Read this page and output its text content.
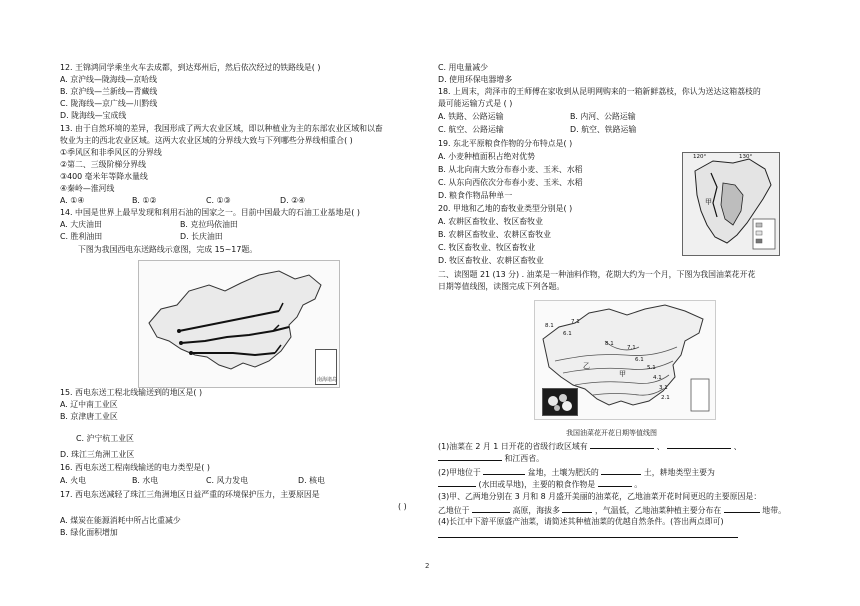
12. 王锦鸿同学乘坐火车去成都，到达郑州后，然后依次经过的铁路线是( )
A. 京沪线—陇海线—京哈线
B. 京沪线—兰新线—青藏线
C. 陇海线—京广线—川黔线
D. 陇海线—宝成线
13. 由于自然环境的差异，我国形成了两大农业区域，即以种植业为主的东部农业区域和以畜
牧业为主的西北农业区域。这两大农业区域的分界线大致与下列哪些分界线相重合( )
①季风区和非季风区的分界线
②第二、三级阶梯分界线
③400 毫米年等降水量线
④秦岭—淮河线
A. ①④	B. ①②	C. ①③	D. ②④
14. 中国是世界上最早发现和利用石油的国家之一。目前中国最大的石油工业基地是( )
A. 大庆油田	B. 克拉玛依油田
C. 胜利油田	D. 长庆油田
下图为我国西电东送路线示意图，完成 15~17题。
南海诸岛
15. 西电东送工程北线输送到的地区是( )
A. 辽中南工业区
B. 京津唐工业区
C. 沪宁杭工业区
D. 珠江三角洲工业区
16. 西电东送工程南线输送的电力类型是( )
A. 火电	B. 水电	C. 风力发电	D. 核电
17. 西电东送减轻了珠江三角洲地区日益严重的环境保护压力，主要原因是
( )
A. 煤炭在能源消耗中所占比重减少
B. 绿化面积增加
C. 用电量减少
D. 使用环保电器增多
18. 上周末，菏泽市的王师傅在家收到从昆明网购来的一箱新鲜荔枝，你认为送达这箱荔枝的
最可能运输方式是 ( )
A. 铁路、公路运输	B. 内河、公路运输
C. 航空、公路运输	D. 航空、铁路运输
19. 东北平原粮食作物的分布特点是( )
A. 小麦种植面积占绝对优势
B. 从北向南大致分布春小麦、玉米、水稻
C. 从东向西依次分布春小麦、玉米、水稻
D. 粮食作物品种单一
20. 甲地和乙地的畜牧业类型分别是( )
A. 农耕区畜牧业、牧区畜牧业
B. 农耕区畜牧业、农耕区畜牧业
C. 牧区畜牧业、牧区畜牧业
D. 牧区畜牧业、农耕区畜牧业
120°	130°
甲
二、读图题 21 (13 分) . 油菜是一种油料作物，花期大约为一个月，下图为我国油菜花开花
日期等值线图，读图完成下列各题。
8.1
7.1
6.1
8.1
7.1
6.1
5.1
4.1
3.1
2.1
甲
乙
我国油菜花开花日期等值线图
(1)油菜在 2 月 1 日开花的省级行政区域有	、	、
和江西省。
(2)甲地位于	盆地，土壤为肥沃的	土，耕地类型主要为
(水田或旱地)，主要的粮食作物是	。
(3)甲、乙两地分别在 3 月和 8 月盛开美丽的油菜花，乙地油菜开花时间更迟的主要原因是：
乙地位于	高原，海拔多	，气温低，乙地油菜种植主要分布在	地带。
(4)长江中下游平原盛产油菜，请简述其种植油菜的优越自然条件。(答出两点即可)
2
